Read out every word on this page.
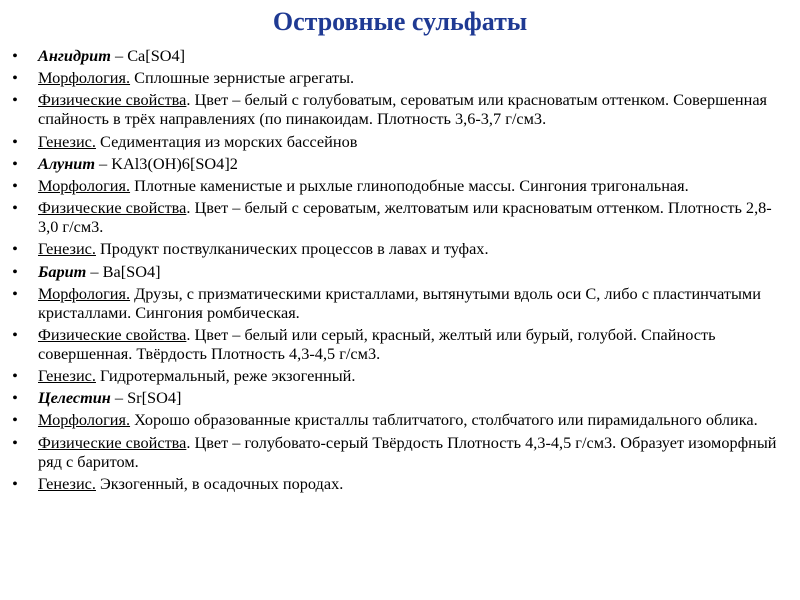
Островные сульфаты
• Ангидрит – Ca[SO4]
• Морфология. Сплошные зернистые агрегаты.
• Физические свойства. Цвет – белый с голубоватым, сероватым или красноватым оттенком. Совершенная спайность в трёх направлениях (по пинакоидам. Плотность 3,6-3,7 г/см3.
• Генезис. Седиментация из морских бассейнов
• Алунит – KAl3(OH)6[SO4]2
• Морфология. Плотные каменистые и рыхлые глиноподобные массы. Сингония тригональная.
• Физические свойства. Цвет – белый с сероватым, желтоватым или красноватым оттенком. Плотность 2,8-3,0 г/см3.
• Генезис. Продукт поствулканических процессов в лавах и туфах.
• Барит – Ba[SO4]
• Морфология. Друзы, с призматическими кристаллами, вытянутыми вдоль оси С, либо с пластинчатыми кристаллами. Сингония ромбическая.
• Физические свойства. Цвет – белый или серый, красный, желтый или бурый, голубой. Спайность совершенная. Твёрдость Плотность 4,3-4,5 г/см3.
• Генезис. Гидротермальный, реже экзогенный.
• Целестин – Sr[SO4]
• Морфология. Хорошо образованные кристаллы таблитчатого, столбчатого или пирамидального облика.
• Физические свойства. Цвет – голубовато-серый Твёрдость Плотность 4,3-4,5 г/см3. Образует изоморфный ряд с баритом.
• Генезис. Экзогенный, в осадочных породах.
